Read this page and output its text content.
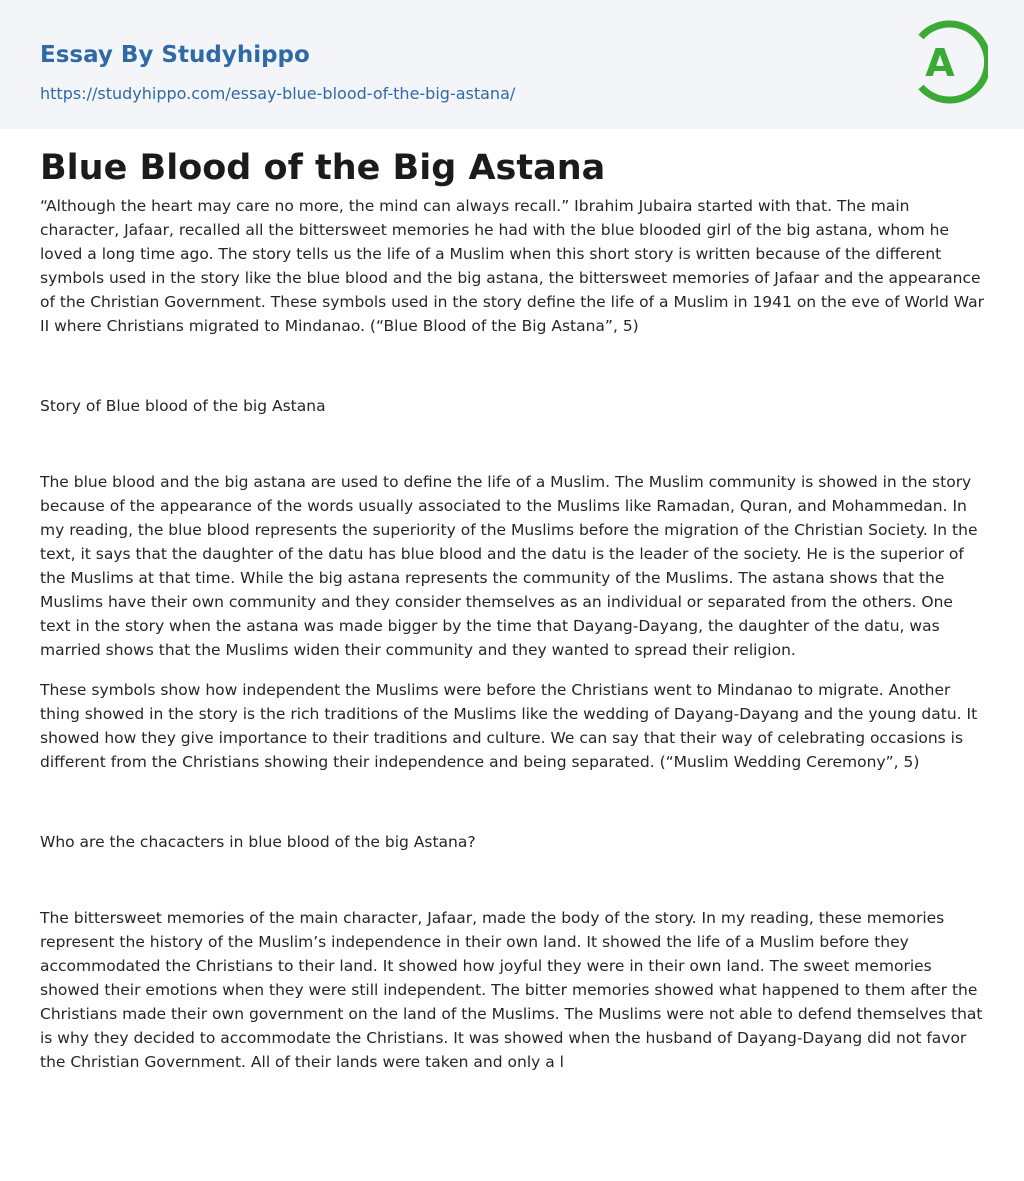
Essay By Studyhippo
https://studyhippo.com/essay-blue-blood-of-the-big-astana/
A
Blue Blood of the Big Astana

“Although the heart may care no more, the mind can always recall.” Ibrahim Jubaira started with that. The main character, Jafaar, recalled all the bittersweet memories he had with the blue blooded girl of the big astana, whom he loved a long time ago. The story tells us the life of a Muslim when this short story is written because of the different symbols used in the story like the blue blood and the big astana, the bittersweet memories of Jafaar and the appearance of the Christian Government. These symbols used in the story define the life of a Muslim in 1941 on the eve of World War II where Christians migrated to Mindanao. (“Blue Blood of the Big Astana”, 5)

Story of Blue blood of the big Astana

The blue blood and the big astana are used to define the life of a Muslim. The Muslim community is showed in the story because of the appearance of the words usually associated to the Muslims like Ramadan, Quran, and Mohammedan. In my reading, the blue blood represents the superiority of the Muslims before the migration of the Christian Society. In the text, it says that the daughter of the datu has blue blood and the datu is the leader of the society. He is the superior of the Muslims at that time. While the big astana represents the community of the Muslims. The astana shows that the Muslims have their own community and they consider themselves as an individual or separated from the others. One text in the story when the astana was made bigger by the time that Dayang-Dayang, the daughter of the datu, was married shows that the Muslims widen their community and they wanted to spread their religion.

These symbols show how independent the Muslims were before the Christians went to Mindanao to migrate. Another thing showed in the story is the rich traditions of the Muslims like the wedding of Dayang-Dayang and the young datu. It showed how they give importance to their traditions and culture. We can say that their way of celebrating occasions is different from the Christians showing their independence and being separated. (“Muslim Wedding Ceremony”, 5)

Who are the chacacters in blue blood of the big Astana?

The bittersweet memories of the main character, Jafaar, made the body of the story. In my reading, these memories represent the history of the Muslim’s independence in their own land. It showed the life of a Muslim before they accommodated the Christians to their land. It showed how joyful they were in their own land. The sweet memories showed their emotions when they were still independent. The bitter memories showed what happened to them after the Christians made their own government on the land of the Muslims. The Muslims were not able to defend themselves that is why they decided to accommodate the Christians. It was showed when the husband of Dayang-Dayang did not favor the Christian Government. All of their lands were taken and only a l
